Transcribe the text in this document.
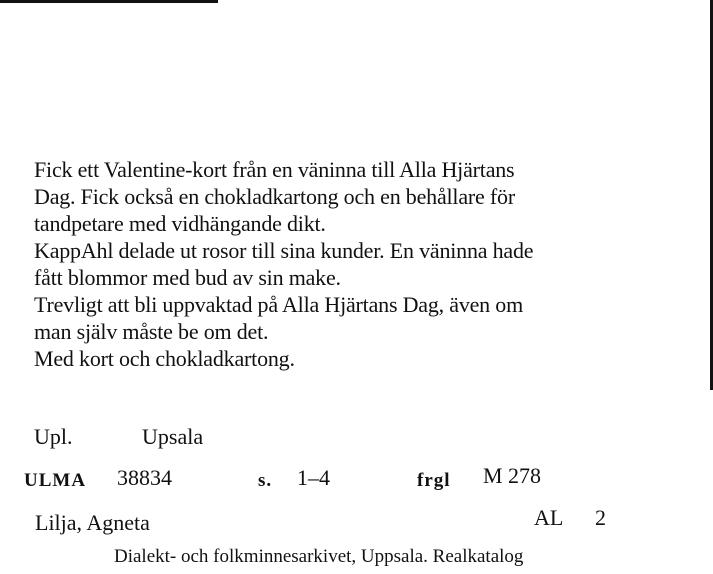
Fick ett Valentine-kort från en väninna till Alla Hjärtans
Dag. Fick också en chokladkartong och en behållare för
tandpetare med vidhängande dikt.
KappAhl delade ut rosor till sina kunder. En väninna hade
fått blommor med bud av sin make.
Trevligt att bli uppvaktad på Alla Hjärtans Dag, även om
man själv måste be om det.
Med kort och chokladkartong.
Upl.	Upsala
ULMA 38834	s. 1–4	frgl M 278
Lilja, Agneta	AL 2
Dialekt- och folkminnesarkivet, Uppsala. Realkatalog
